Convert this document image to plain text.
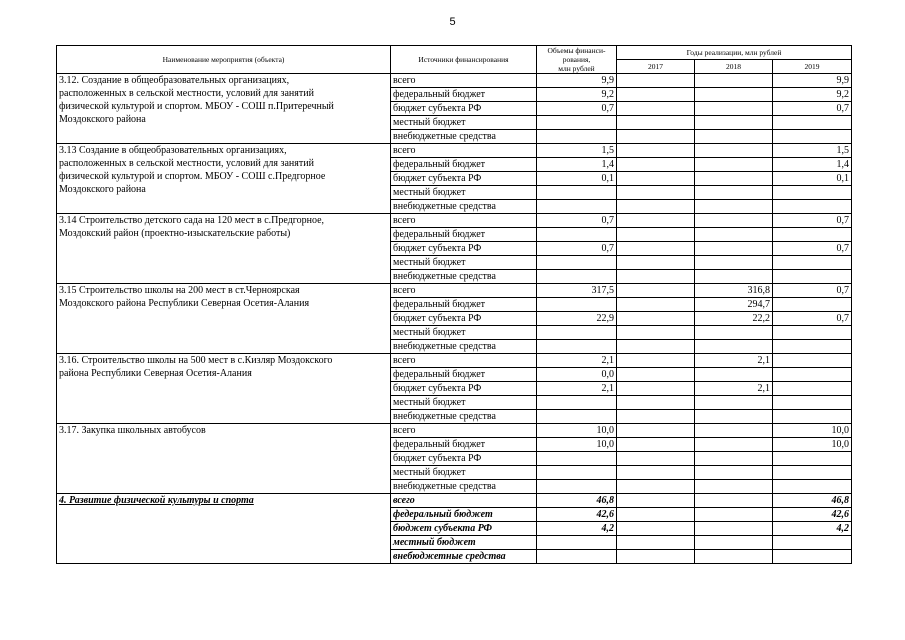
5
Наименование мероприятия (объекта)	Источники финансирования	Объемы финанси-
рования,
млн рублей	Годы реализации, млн рублей		
			2017	2018	2019
3.12. Создание в общеобразовательных организациях,
расположенных в сельской местности, условий для занятий
физической культурой и спортом. МБОУ - СОШ п.Притеречный
Моздокского района	всего	9,9			9,9
	федеральный бюджет	9,2			9,2
	бюджет субъекта РФ	0,7			0,7
	местный бюджет				
	внебюджетные средства				
3.13 Создание в общеобразовательных организациях,
расположенных в сельской местности, условий для занятий
физической культурой и спортом. МБОУ - СОШ с.Предгорное
Моздокского района	всего	1,5			1,5
	федеральный бюджет	1,4			1,4
	бюджет субъекта РФ	0,1			0,1
	местный бюджет				
	внебюджетные средства				
3.14 Строительство детского сада на 120 мест в с.Предгорное,
Моздокский район (проектно-изыскательские работы)	всего	0,7			0,7
	федеральный бюджет				
	бюджет субъекта РФ	0,7			0,7
	местный бюджет				
	внебюджетные средства				
3.15 Строительство школы на 200 мест в ст.Черноярская
Моздокского района Республики Северная Осетия-Алания	всего	317,5		316,8	0,7
	федеральный бюджет			294,7	
	бюджет субъекта РФ	22,9		22,2	0,7
	местный бюджет				
	внебюджетные средства				
3.16. Строительство школы на 500 мест в с.Кизляр Моздокского
района Республики Северная Осетия-Алания	всего	2,1		2,1	
	федеральный бюджет	0,0			
	бюджет субъекта РФ	2,1		2,1	
	местный бюджет				
	внебюджетные средства				
3.17. Закупка школьных автобусов	всего	10,0			10,0
	федеральный бюджет	10,0			10,0
	бюджет субъекта РФ				
	местный бюджет				
	внебюджетные средства				
4. Развитие физической культуры и спорта	всего	46,8			46,8
	федеральный бюджет	42,6			42,6
	бюджет субъекта РФ	4,2			4,2
	местный бюджет				
	внебюджетные средства				
